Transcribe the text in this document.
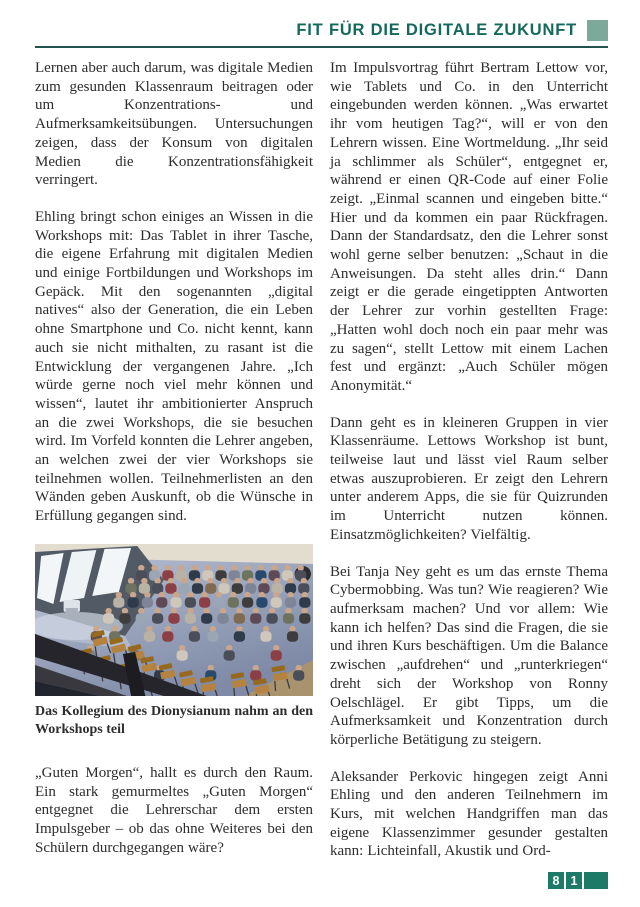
FIT FÜR DIE DIGITALE ZUKUNFT

Lernen aber auch darum, was digitale Medien zum gesunden Klassenraum beitragen oder um Konzentrations- und Aufmerksamkeitsübungen. Untersuchungen zeigen, dass der Konsum von digitalen Medien die Konzentrationsfähigkeit verringert.

Ehling bringt schon einiges an Wissen in die Workshops mit: Das Tablet in ihrer Tasche, die eigene Erfahrung mit digitalen Medien und einige Fortbildungen und Workshops im Gepäck. Mit den sogenannten „digital natives“ also der Generation, die ein Leben ohne Smartphone und Co. nicht kennt, kann auch sie nicht mithalten, zu rasant ist die Entwicklung der vergangenen Jahre. „Ich würde gerne noch viel mehr können und wissen“, lautet ihr ambitionierter Anspruch an die zwei Workshops, die sie besuchen wird. Im Vorfeld konnten die Lehrer angeben, an welchen zwei der vier Workshops sie teilnehmen wollen. Teilnehmerlisten an den Wänden geben Auskunft, ob die Wünsche in Erfüllung gegangen sind.

Das Kollegium des Dionysianum nahm an den Workshops teil

„Guten Morgen“, hallt es durch den Raum. Ein stark gemurmeltes „Guten Morgen“ entgegnet die Lehrerschar dem ersten Impulsgeber – ob das ohne Weiteres bei den Schülern durchgegangen wäre?

Im Impulsvortrag führt Bertram Lettow vor, wie Tablets und Co. in den Unterricht eingebunden werden können. „Was erwartet ihr vom heutigen Tag?“, will er von den Lehrern wissen. Eine Wortmeldung. „Ihr seid ja schlimmer als Schüler“, entgegnet er, während er einen QR-Code auf einer Folie zeigt. „Einmal scannen und eingeben bitte.“ Hier und da kommen ein paar Rückfragen. Dann der Standardsatz, den die Lehrer sonst wohl gerne selber benutzen: „Schaut in die Anweisungen. Da steht alles drin.“ Dann zeigt er die gerade eingetippten Antworten der Lehrer zur vorhin gestellten Frage: „Hatten wohl doch noch ein paar mehr was zu sagen“, stellt Lettow mit einem Lachen fest und ergänzt: „Auch Schüler mögen Anonymität.“

Dann geht es in kleineren Gruppen in vier Klassenräume. Lettows Workshop ist bunt, teilweise laut und lässt viel Raum selber etwas auszuprobieren. Er zeigt den Lehrern unter anderem Apps, die sie für Quizrunden im Unterricht nutzen können. Einsatzmöglichkeiten? Vielfältig.

Bei Tanja Ney geht es um das ernste Thema Cybermobbing. Was tun? Wie reagieren? Wie aufmerksam machen? Und vor allem: Wie kann ich helfen? Das sind die Fragen, die sie und ihren Kurs beschäftigen. Um die Balance zwischen „aufdrehen“ und „runterkriegen“ dreht sich der Workshop von Ronny Oelschlägel. Er gibt Tipps, um die Aufmerksamkeit und Konzentration durch körperliche Betätigung zu steigern.

Aleksander Perkovic hingegen zeigt Anni Ehling und den anderen Teilnehmern im Kurs, mit welchen Handgriffen man das eigene Klassenzimmer gesunder gestalten kann: Lichteinfall, Akustik und Ord-

8 1
